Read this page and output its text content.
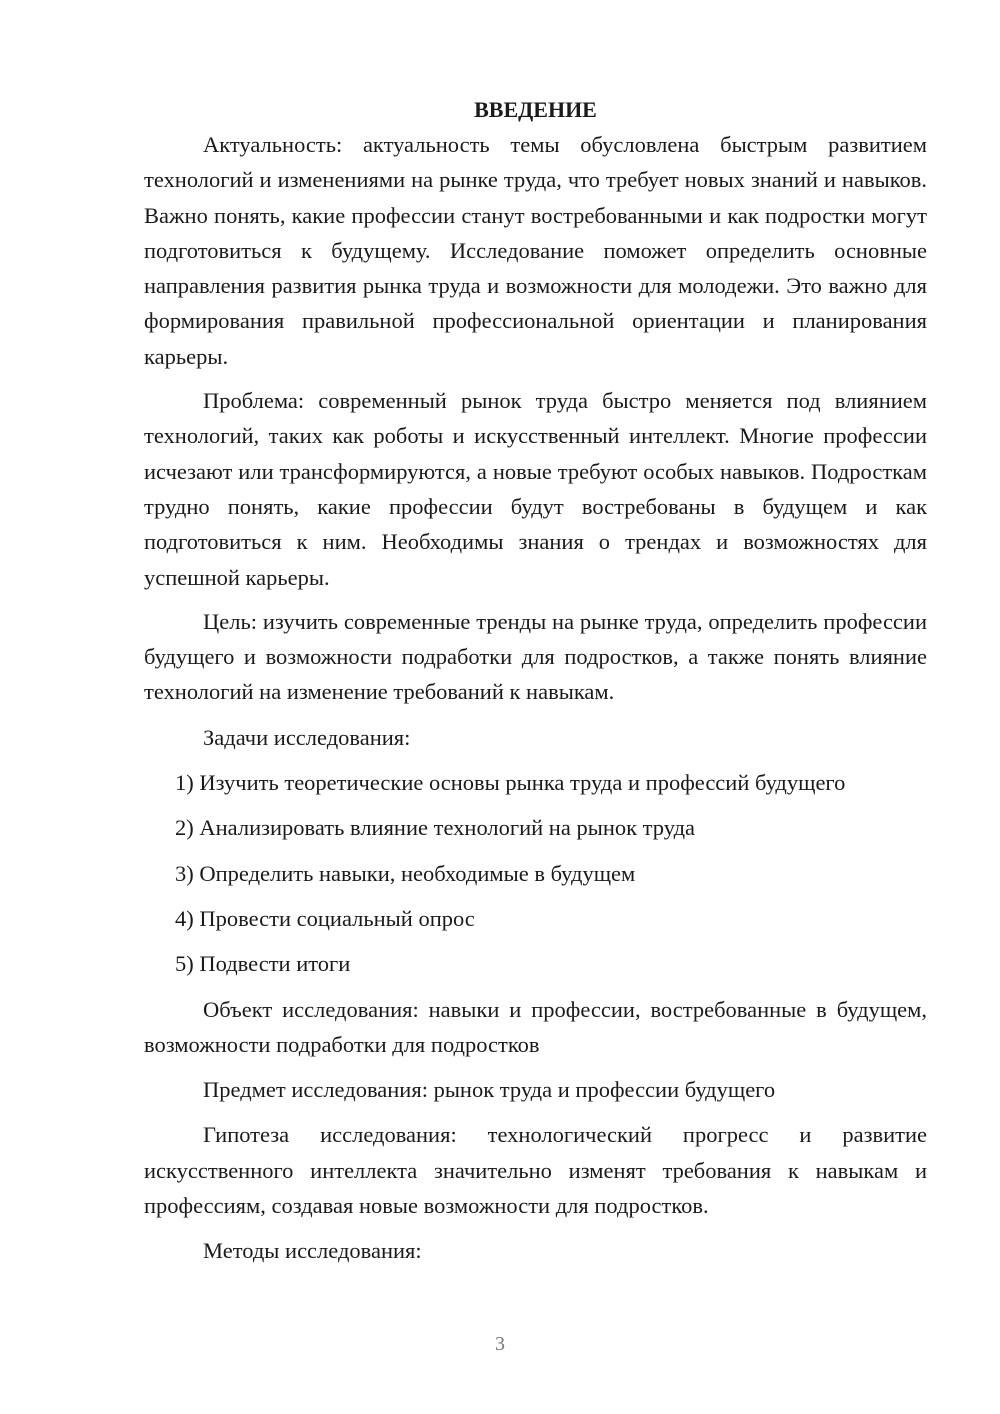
ВВЕДЕНИЕ

Актуальность: актуальность темы обусловлена быстрым развитием технологий и изменениями на рынке труда, что требует новых знаний и навыков. Важно понять, какие профессии станут востребованными и как подростки могут подготовиться к будущему. Исследование поможет определить основные направления развития рынка труда и возможности для молодежи. Это важно для формирования правильной профессиональной ориентации и планирования карьеры.

Проблема: современный рынок труда быстро меняется под влиянием технологий, таких как роботы и искусственный интеллект. Многие профессии исчезают или трансформируются, а новые требуют особых навыков. Подросткам трудно понять, какие профессии будут востребованы в будущем и как подготовиться к ним. Необходимы знания о трендах и возможностях для успешной карьеры.

Цель: изучить современные тренды на рынке труда, определить профессии будущего и возможности подработки для подростков, а также понять влияние технологий на изменение требований к навыкам.

Задачи исследования:

1) Изучить теоретические основы рынка труда и профессий будущего
2) Анализировать влияние технологий на рынок труда
3) Определить навыки, необходимые в будущем
4) Провести социальный опрос
5) Подвести итоги

Объект исследования: навыки и профессии, востребованные в будущем, возможности подработки для подростков

Предмет исследования: рынок труда и профессии будущего

Гипотеза исследования: технологический прогресс и развитие искусственного интеллекта значительно изменят требования к навыкам и профессиям, создавая новые возможности для подростков.

Методы исследования:

3
